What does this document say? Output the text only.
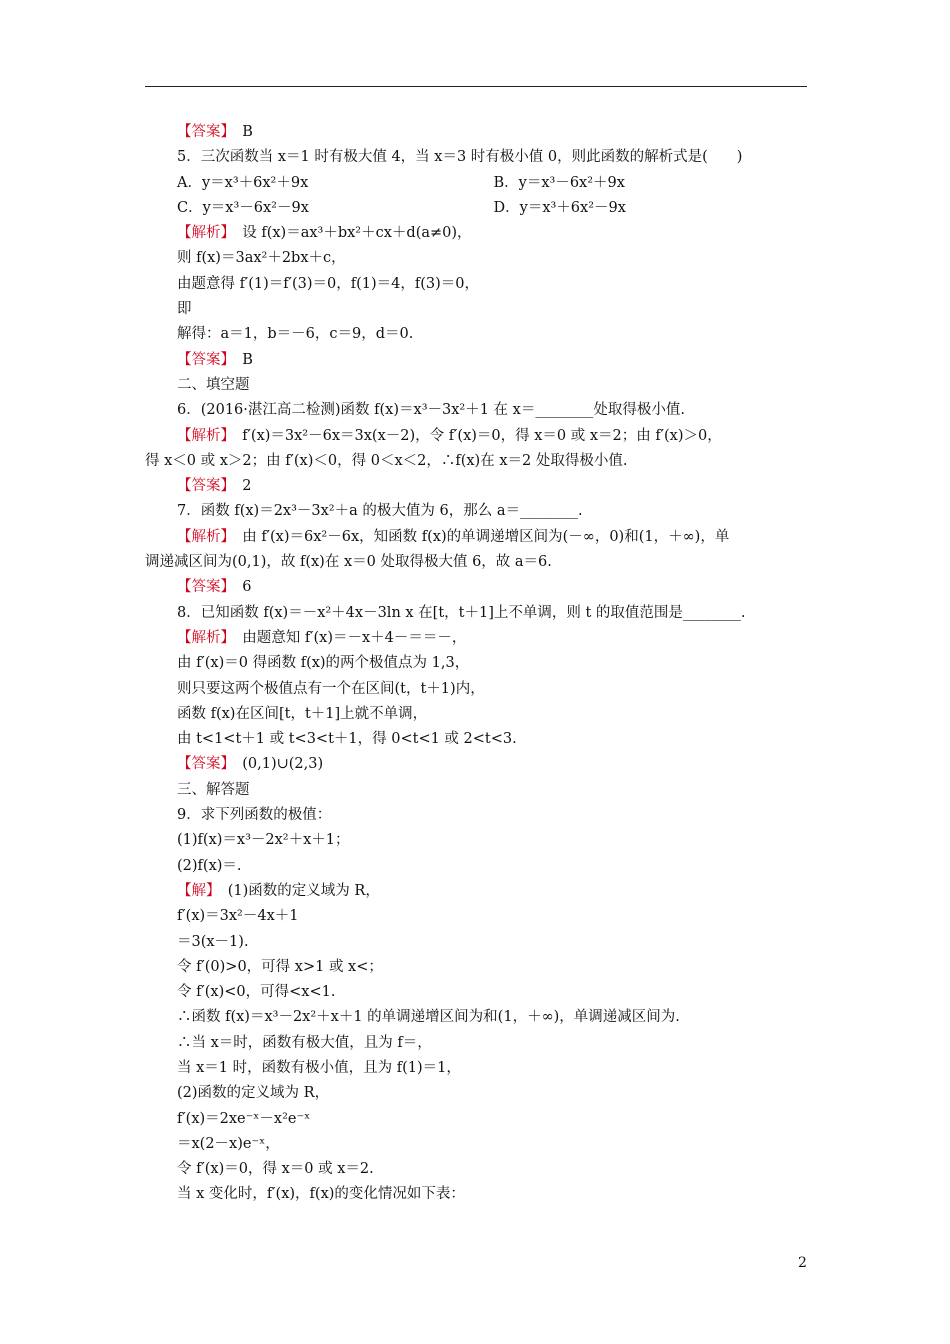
【答案】　B
5．三次函数当 x＝1 时有极大值 4，当 x＝3 时有极小值 0，则此函数的解析式是(　　)
A．y＝x³＋6x²＋9x	B．y＝x³－6x²＋9x
C．y＝x³－6x²－9x	D．y＝x³＋6x²－9x
【解析】　设 f(x)＝ax³＋bx²＋cx＋d(a≠0)，
则 f(x)＝3ax²＋2bx＋c，
由题意得 f′(1)＝f′(3)＝0，f(1)＝4，f(3)＝0，
即
解得：a＝1，b＝－6，c＝9，d＝0.
【答案】　B
二、填空题
6．(2016·湛江高二检测)函数 f(x)＝x³－3x²＋1 在 x＝________处取得极小值.
【解析】　f′(x)＝3x²－6x＝3x(x－2)，令 f′(x)＝0，得 x＝0 或 x＝2；由 f′(x)＞0，
得 x＜0 或 x＞2；由 f′(x)＜0，得 0＜x＜2，∴f(x)在 x＝2 处取得极小值.
【答案】　2
7．函数 f(x)＝2x³－3x²＋a 的极大值为 6，那么 a＝________.
【解析】　由 f′(x)＝6x²－6x，知函数 f(x)的单调递增区间为(－∞，0)和(1，＋∞)，单
调递减区间为(0,1)，故 f(x)在 x＝0 处取得极大值 6，故 a＝6.
【答案】　6
8．已知函数 f(x)＝－x²＋4x－3ln x 在[t，t＋1]上不单调，则 t 的取值范围是________.
【解析】　由题意知 f′(x)＝－x＋4－＝＝－，
由 f′(x)＝0 得函数 f(x)的两个极值点为 1,3，
则只要这两个极值点有一个在区间(t，t＋1)内，
函数 f(x)在区间[t，t＋1]上就不单调，
由 t<1<t＋1 或 t<3<t＋1，得 0<t<1 或 2<t<3.
【答案】　(0,1)∪(2,3)
三、解答题
9．求下列函数的极值：
(1)f(x)＝x³－2x²＋x＋1；
(2)f(x)＝.
【解】　(1)函数的定义域为 R，
f′(x)＝3x²－4x＋1
＝3(x－1).
令 f′(0)>0，可得 x>1 或 x<；
令 f′(x)<0，可得<x<1.
∴函数 f(x)＝x³－2x²＋x＋1 的单调递增区间为和(1，＋∞)，单调递减区间为.
∴当 x＝时，函数有极大值，且为 f＝，
当 x＝1 时，函数有极小值，且为 f(1)＝1，
(2)函数的定义域为 R，
f′(x)＝2xe⁻ˣ－x²e⁻ˣ
＝x(2－x)e⁻ˣ，
令 f′(x)＝0，得 x＝0 或 x＝2.
当 x 变化时，f′(x)，f(x)的变化情况如下表：
2
